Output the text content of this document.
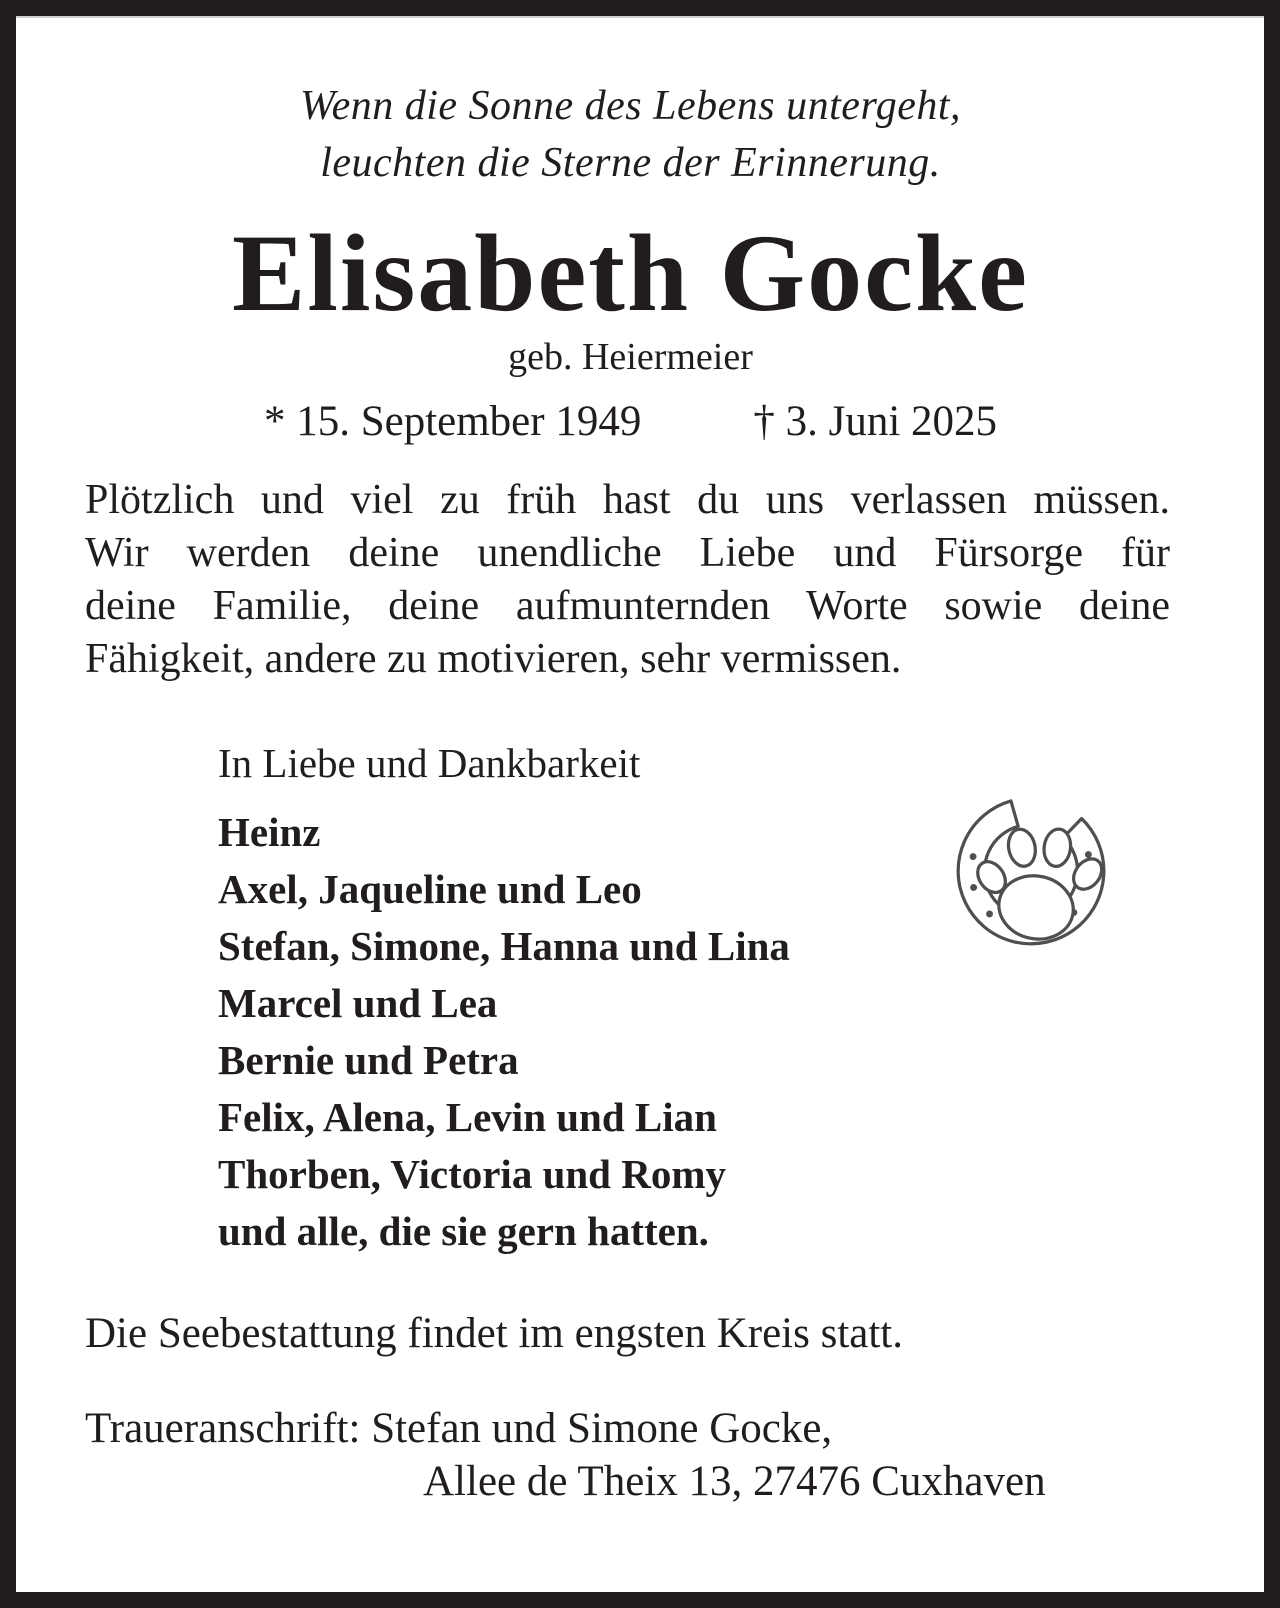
Wenn die Sonne des Lebens untergeht,
leuchten die Sterne der Erinnerung.
Elisabeth Gocke
geb. Heiermeier
* 15. September 1949	† 3. Juni 2025
Plötzlich und viel zu früh hast du uns verlassen müssen.
Wir werden deine unendliche Liebe und Fürsorge für
deine Familie, deine aufmunternden Worte sowie deine
Fähigkeit, andere zu motivieren, sehr vermissen.
In Liebe und Dankbarkeit
Heinz
Axel, Jaqueline und Leo
Stefan, Simone, Hanna und Lina
Marcel und Lea
Bernie und Petra
Felix, Alena, Levin und Lian
Thorben, Victoria und Romy
und alle, die sie gern hatten.
Die Seebestattung findet im engsten Kreis statt.
Traueranschrift: Stefan und Simone Gocke,
Allee de Theix 13, 27476 Cuxhaven
